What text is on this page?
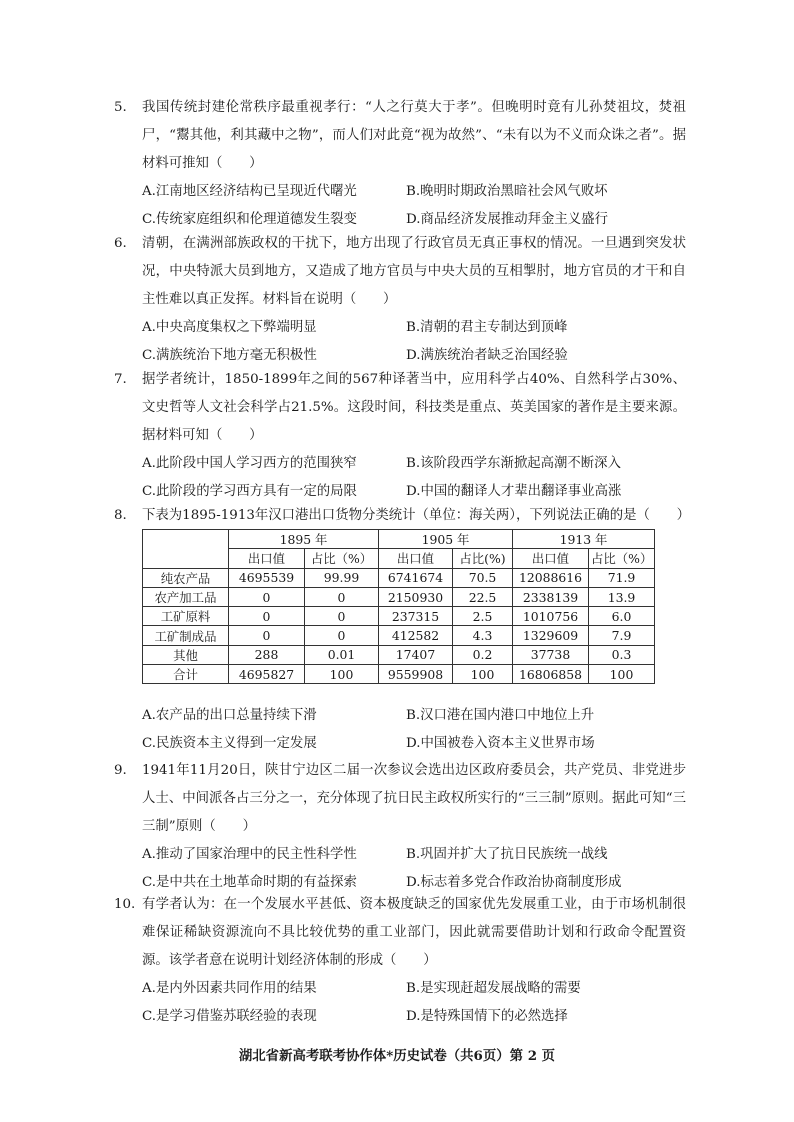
5. 我国传统封建伦常秩序最重视孝行：“人之行莫大于孝”。但晚明时竟有儿孙焚祖坟，焚祖尸，“鬻其他，利其藏中之物”，而人们对此竟“视为故然”、“未有以为不义而众诛之者”。据材料可推知（　　）
A.江南地区经济结构已呈现近代曙光	B.晚明时期政治黑暗社会风气败坏
C.传统家庭组织和伦理道德发生裂变	D.商品经济发展推动拜金主义盛行
6. 清朝，在满洲部族政权的干扰下，地方出现了行政官员无真正事权的情况。一旦遇到突发状况，中央特派大员到地方，又造成了地方官员与中央大员的互相掣肘，地方官员的才干和自主性难以真正发挥。材料旨在说明（　　）
A.中央高度集权之下弊端明显	B.清朝的君主专制达到顶峰
C.满族统治下地方毫无积极性	D.满族统治者缺乏治国经验
7. 据学者统计，1850-1899年之间的567种译著当中，应用科学占40%、自然科学占30%、文史哲等人文社会科学占21.5%。这段时间，科技类是重点、英美国家的著作是主要来源。据材料可知（　　）
A.此阶段中国人学习西方的范围狭窄	B.该阶段西学东渐掀起高潮不断深入
C.此阶段的学习西方具有一定的局限	D.中国的翻译人才辈出翻译事业高涨
8. 下表为1895-1913年汉口港出口货物分类统计（单位：海关两），下列说法正确的是（　　）
	1895 年		1905 年		1913 年	
	出口值	占比（%）	出口值	占比(%)	出口值	占比（%）
纯农产品	4695539	99.99	6741674	70.5	12088616	71.9
农产加工品	0	0	2150930	22.5	2338139	13.9
工矿原料	0	0	237315	2.5	1010756	6.0
工矿制成品	0	0	412582	4.3	1329609	7.9
其他	288	0.01	17407	0.2	37738	0.3
合计	4695827	100	9559908	100	16806858	100
A.农产品的出口总量持续下滑	B.汉口港在国内港口中地位上升
C.民族资本主义得到一定发展	D.中国被卷入资本主义世界市场
9. 1941年11月20日，陕甘宁边区二届一次参议会选出边区政府委员会，共产党员、非党进步人士、中间派各占三分之一，充分体现了抗日民主政权所实行的“三三制”原则。据此可知“三三制”原则（　　）
A.推动了国家治理中的民主性科学性	B.巩固并扩大了抗日民族统一战线
C.是中共在土地革命时期的有益探索	D.标志着多党合作政治协商制度形成
10. 有学者认为：在一个发展水平甚低、资本极度缺乏的国家优先发展重工业，由于市场机制很难保证稀缺资源流向不具比较优势的重工业部门，因此就需要借助计划和行政命令配置资源。该学者意在说明计划经济体制的形成（　　）
A.是内外因素共同作用的结果	B.是实现赶超发展战略的需要
C.是学习借鉴苏联经验的表现	D.是特殊国情下的必然选择
湖北省新高考联考协作体*历史试卷（共6页）第 2 页
